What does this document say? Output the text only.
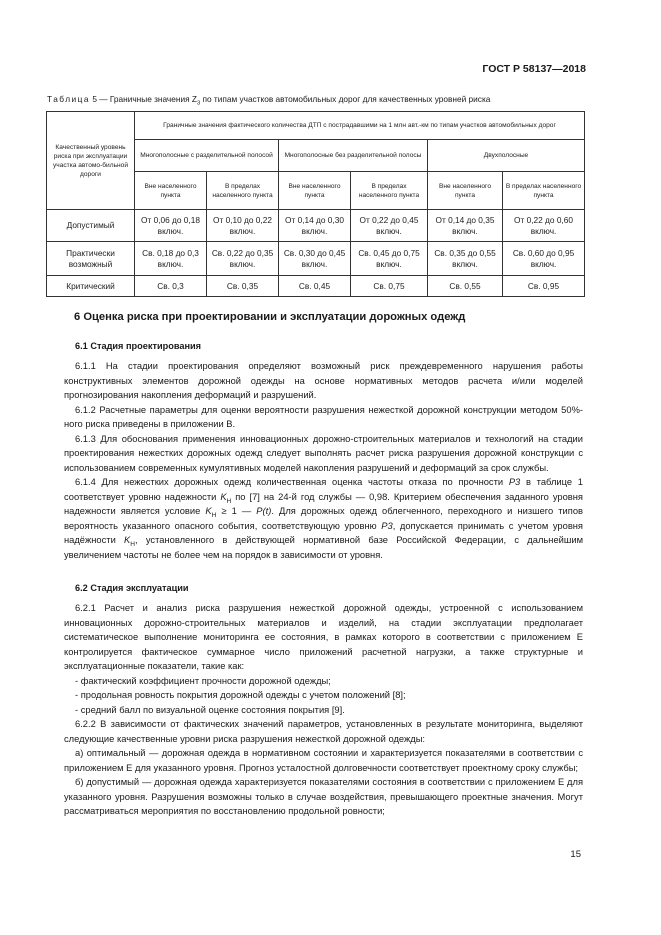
ГОСТ Р 58137—2018
Таблица 5 — Граничные значения $Z_3$ по типам участков автомобильных дорог для качественных уровней риска
Качественный уровень риска при эксплуатации участка автомо-бильной дороги	Граничные значения фактического количества ДТП с пострадавшими на 1 млн авт.-км по типам участков автомобильных дорог					
	Многополосные с разделительной полосой		Многополосные без разделительной полосы		Двухполосные	
	Вне населенного пункта	В пределах населенного пункта	Вне населенного пункта	В пределах населенного пункта	Вне населенного пункта	В пределах населенного пункта
Допустимый	От 0,06 до 0,18 включ.	От 0,10 до 0,22 включ.	От 0,14 до 0,30 включ.	От 0,22 до 0,45 включ.	От 0,14 до 0,35 включ.	От 0,22 до 0,60 включ.
Практически возможный	Св. 0,18 до 0,3 включ.	Св. 0,22 до 0,35 включ.	Св. 0,30 до 0,45 включ.	Св. 0,45 до 0,75 включ.	Св. 0,35 до 0,55 включ.	Св. 0,60 до 0,95 включ.
Критический	Св. 0,3	Св. 0,35	Св. 0,45	Св. 0,75	Св. 0,55	Св. 0,95
6 Оценка риска при проектировании и эксплуатации дорожных одежд
6.1 Стадия проектирования

6.1.1 На стадии проектирования определяют возможный риск преждевременного нарушения работы конструктивных элементов дорожной одежды на основе нормативных методов расчета и/или моделей прогнозирования накопления деформаций и разрушений.

6.1.2 Расчетные параметры для оценки вероятности разрушения нежесткой дорожной конструкции методом 50%-ного риска приведены в приложении В.

6.1.3 Для обоснования применения инновационных дорожно-строительных материалов и технологий на стадии проектирования нежестких дорожных одежд следует выполнять расчет риска разрушения дорожной конструкции с использованием современных кумулятивных моделей накопления разрушений и деформаций за срок службы.

6.1.4 Для нежестких дорожных одежд количественная оценка частоты отказа по прочности Р3 в таблице 1 соответствует уровню надежности $K_Н$ по [7] на 24-й год службы — 0,98. Критерием обеспечения заданного уровня надежности является условие $K_Н \ge 1$ — Р(t). Для дорожных одежд облегченного, переходного и низшего типов вероятность указанного опасного события, соответствующую уровню Р3, допускается принимать с учетом уровня надёжности $K_Н$, установленного в действующей нормативной базе Российской Федерации, с дальнейшим увеличением частоты не более чем на порядок в зависимости от уровня.

6.2 Стадия эксплуатации

6.2.1 Расчет и анализ риска разрушения нежесткой дорожной одежды, устроенной с использованием инновационных дорожно-строительных материалов и изделий, на стадии эксплуатации предполагает систематическое выполнение мониторинга ее состояния, в рамках которого в соответствии с приложением Е контролируется фактическое суммарное число приложений расчетной нагрузки, а также структурные и эксплуатационные показатели, такие как:

- фактический коэффициент прочности дорожной одежды;

- продольная ровность покрытия дорожной одежды с учетом положений [8];

- средний балл по визуальной оценке состояния покрытия [9].

6.2.2 В зависимости от фактических значений параметров, установленных в результате мониторинга, выделяют следующие качественные уровни риска разрушения нежесткой дорожной одежды:

а) оптимальный — дорожная одежда в нормативном состоянии и характеризуется показателями в соответствии с приложением Е для указанного уровня. Прогноз усталостной долговечности соответствует проектному сроку службы;

б) допустимый — дорожная одежда характеризуется показателями состояния в соответствии с приложением Е для указанного уровня. Разрушения возможны только в случае воздействия, превышающего проектные значения. Могут рассматриваться мероприятия по восстановлению продольной ровности;

15
